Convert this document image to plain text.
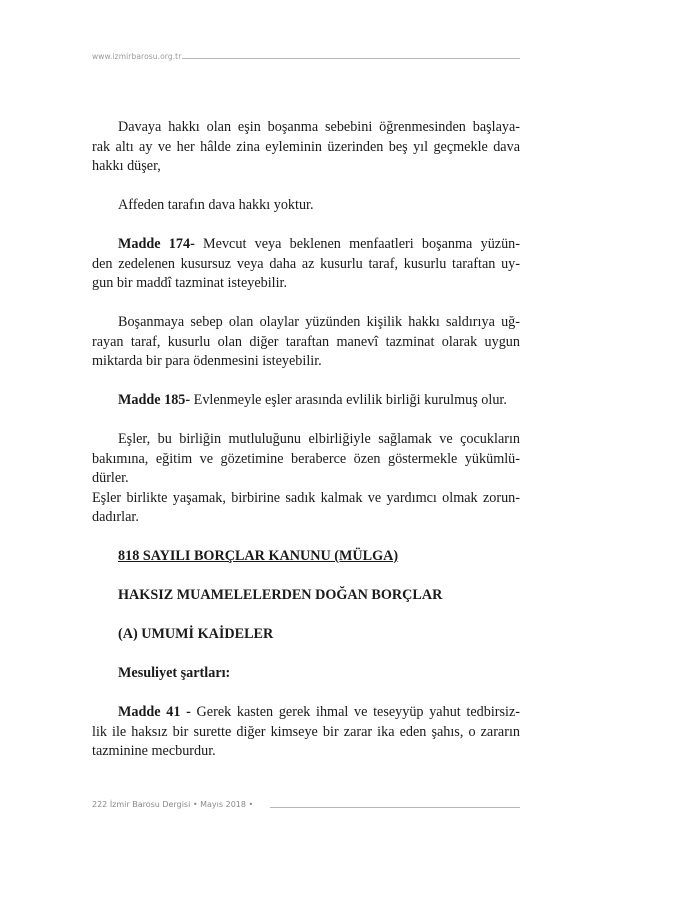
www.izmirbarosu.org.tr

Davaya hakkı olan eşin boşanma sebebini öğrenmesinden başlaya-
rak altı ay ve her hâlde zina eyleminin üzerinden beş yıl geçmekle dava
hakkı düşer,

Affeden tarafın dava hakkı yoktur.

Madde 174- Mevcut veya beklenen menfaatleri boşanma yüzün-
den zedelenen kusursuz veya daha az kusurlu taraf, kusurlu taraftan uy-
gun bir maddî tazminat isteyebilir.

Boşanmaya sebep olan olaylar yüzünden kişilik hakkı saldırıya uğ-
rayan taraf, kusurlu olan diğer taraftan manevî tazminat olarak uygun
miktarda bir para ödenmesini isteyebilir.

Madde 185- Evlenmeyle eşler arasında evlilik birliği kurulmuş olur.

Eşler, bu birliğin mutluluğunu elbirliğiyle sağlamak ve çocukların
bakımına, eğitim ve gözetimine beraberce özen göstermekle yükümlü-
dürler.

Eşler birlikte yaşamak, birbirine sadık kalmak ve yardımcı olmak zorun-
dadırlar.

818 SAYILI BORÇLAR KANUNU (MÜLGA)
HAKSIZ MUAMELELERDEN DOĞAN BORÇLAR
(A) UMUMİ KAİDELER
Mesuliyet şartları:

Madde 41 - Gerek kasten gerek ihmal ve teseyyüp yahut tedbirsiz-
lik ile haksız bir surette diğer kimseye bir zarar ika eden şahıs, o zararın
tazminine mecburdur.

222 İzmir Barosu Dergisi • Mayıs 2018 •
